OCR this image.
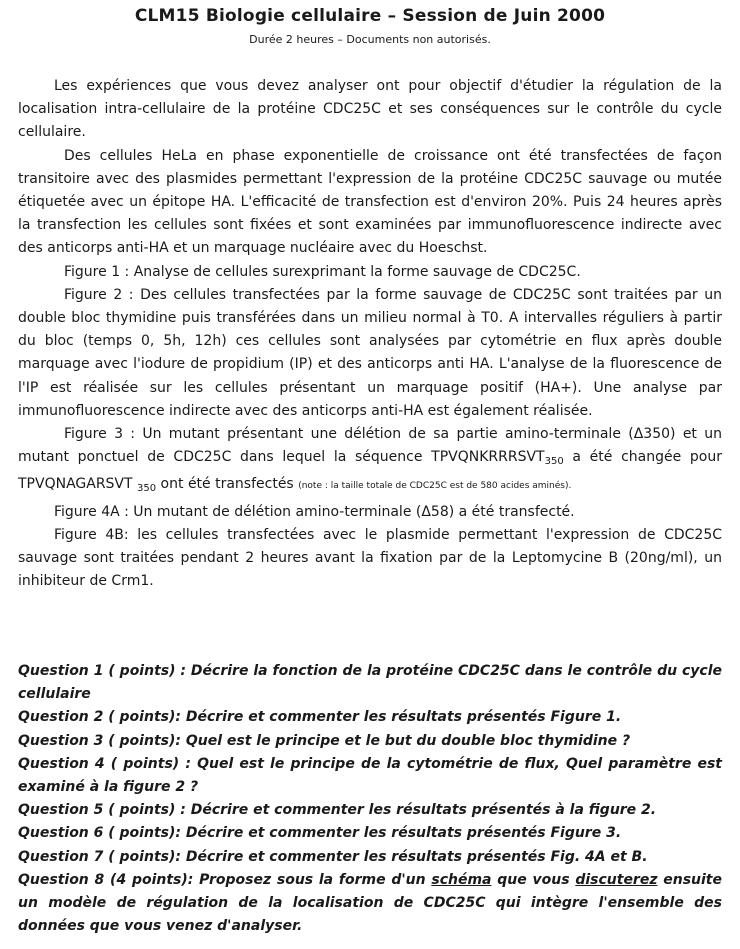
CLM15 Biologie cellulaire – Session de Juin 2000
Durée 2 heures – Documents non autorisés.

Les expériences que vous devez analyser ont pour objectif d'étudier la régulation de la localisation intra-cellulaire de la protéine CDC25C et ses conséquences sur le contrôle du cycle cellulaire.

Des cellules HeLa en phase exponentielle de croissance ont été transfectées de façon transitoire avec des plasmides permettant l'expression de la protéine CDC25C sauvage ou mutée étiquetée avec un épitope HA. L'efficacité de transfection est d'environ 20%. Puis 24 heures après la transfection les cellules sont fixées et sont examinées par immunofluorescence indirecte avec des anticorps anti-HA et un marquage nucléaire avec du Hoeschst.

Figure 1 : Analyse de cellules surexprimant la forme sauvage de CDC25C.

Figure 2 : Des cellules transfectées par la forme sauvage de CDC25C sont traitées par un double bloc thymidine puis transférées dans un milieu normal à T0. A intervalles réguliers à partir du bloc (temps 0, 5h, 12h) ces cellules sont analysées par cytométrie en flux après double marquage avec l'iodure de propidium (IP) et des anticorps anti HA. L'analyse de la fluorescence de l'IP est réalisée sur les cellules présentant un marquage positif (HA+). Une analyse par immunofluorescence indirecte avec des anticorps anti-HA est également réalisée.

Figure 3 : Un mutant présentant une délétion de sa partie amino-terminale (Δ350) et un mutant ponctuel de CDC25C dans lequel la séquence $TPVQNKRRRSVT_{350}$ a été changée pour TPVQNAGARSVT $_{350}$ ont été transfectés (note : la taille totale de CDC25C est de 580 acides aminés).

Figure 4A : Un mutant de délétion amino-terminale (Δ58) a été transfecté.

Figure 4B: les cellules transfectées avec le plasmide permettant l'expression de CDC25C sauvage sont traitées pendant 2 heures avant la fixation par de la Leptomycine B (20ng/ml), un inhibiteur de Crm1.

Question 1 ( points) : Décrire la fonction de la protéine CDC25C dans le contrôle du cycle cellulaire

Question 2 ( points): Décrire et commenter les résultats présentés Figure 1.

Question 3 ( points): Quel est le principe et le but du double bloc thymidine ?

Question 4 ( points) : Quel est le principe de la cytométrie de flux, Quel paramètre est examiné à la figure 2 ?

Question 5 ( points) : Décrire et commenter les résultats présentés à la figure 2.

Question 6 ( points): Décrire et commenter les résultats présentés Figure 3.

Question 7 ( points): Décrire et commenter les résultats présentés Fig. 4A et B.

Question 8 (4 points): Proposez sous la forme d'un schéma que vous discuterez ensuite un modèle de régulation de la localisation de CDC25C qui intègre l'ensemble des données que vous venez d'analyser.
